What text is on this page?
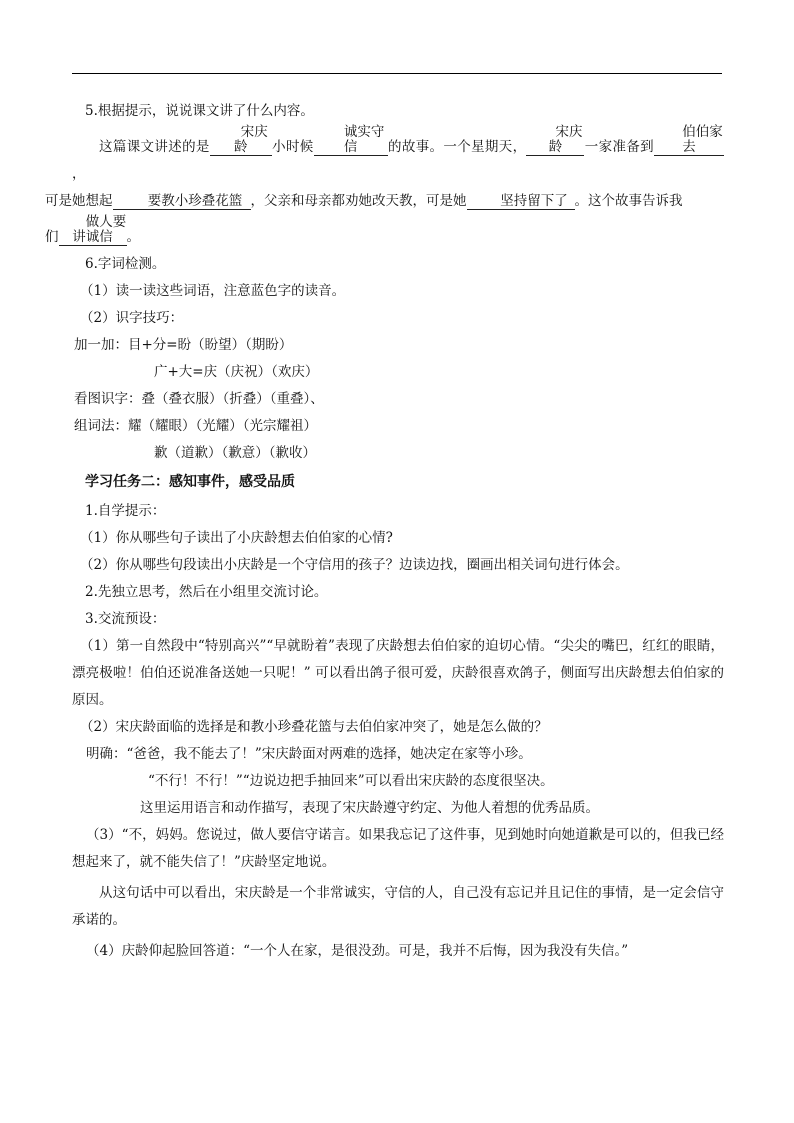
5.根据提示，说说课文讲了什么内容。

这篇课文讲述的是宋庆龄 小时候诚实守信 的故事。一个星期天，宋庆龄 一家准备到伯伯家去，
可是她想起	要教小珍叠花篮 ，父亲和母亲都劝她改天教，可是她	坚持留下了 。这个故事告诉我
们做人要讲诚信 。

6.字词检测。

（1）读一读这些词语，注意蓝色字的读音。

（2）识字技巧：

加一加：目+分=盼（盼望）（期盼）

广+大=庆（庆祝）（欢庆）

看图识字：叠（叠衣服）（折叠）（重叠）、

组词法：耀（耀眼）（光耀）（光宗耀祖）

歉（道歉）（歉意）（歉收）

学习任务二：感知事件，感受品质

1.自学提示：

（1）你从哪些句子读出了小庆龄想去伯伯家的心情?

（2）你从哪些句段读出小庆龄是一个守信用的孩子？边读边找，圈画出相关词句进行体会。

2.先独立思考，然后在小组里交流讨论。

3.交流预设：

（1）第一自然段中“特别高兴”“早就盼着”表现了庆龄想去伯伯家的迫切心情。“尖尖的嘴巴，红红的眼睛，漂亮极啦！伯伯还说准备送她一只呢！” 可以看出鸽子很可爱，庆龄很喜欢鸽子，侧面写出庆龄想去伯伯家的原因。

（2）宋庆龄面临的选择是和教小珍叠花篮与去伯伯家冲突了，她是怎么做的？

明确：“爸爸，我不能去了！”宋庆龄面对两难的选择，她决定在家等小珍。

“不行！不行！”“边说边把手抽回来”可以看出宋庆龄的态度很坚决。

这里运用语言和动作描写，表现了宋庆龄遵守约定、为他人着想的优秀品质。

（3）“不，妈妈。您说过，做人要信守诺言。如果我忘记了这件事，见到她时向她道歉是可以的，但我已经想起来了，就不能失信了！”庆龄坚定地说。

从这句话中可以看出，宋庆龄是一个非常诚实，守信的人，自己没有忘记并且记住的事情，是一定会信守承诺的。

（4）庆龄仰起脸回答道：“一个人在家，是很没劲。可是，我并不后悔，因为我没有失信。”
